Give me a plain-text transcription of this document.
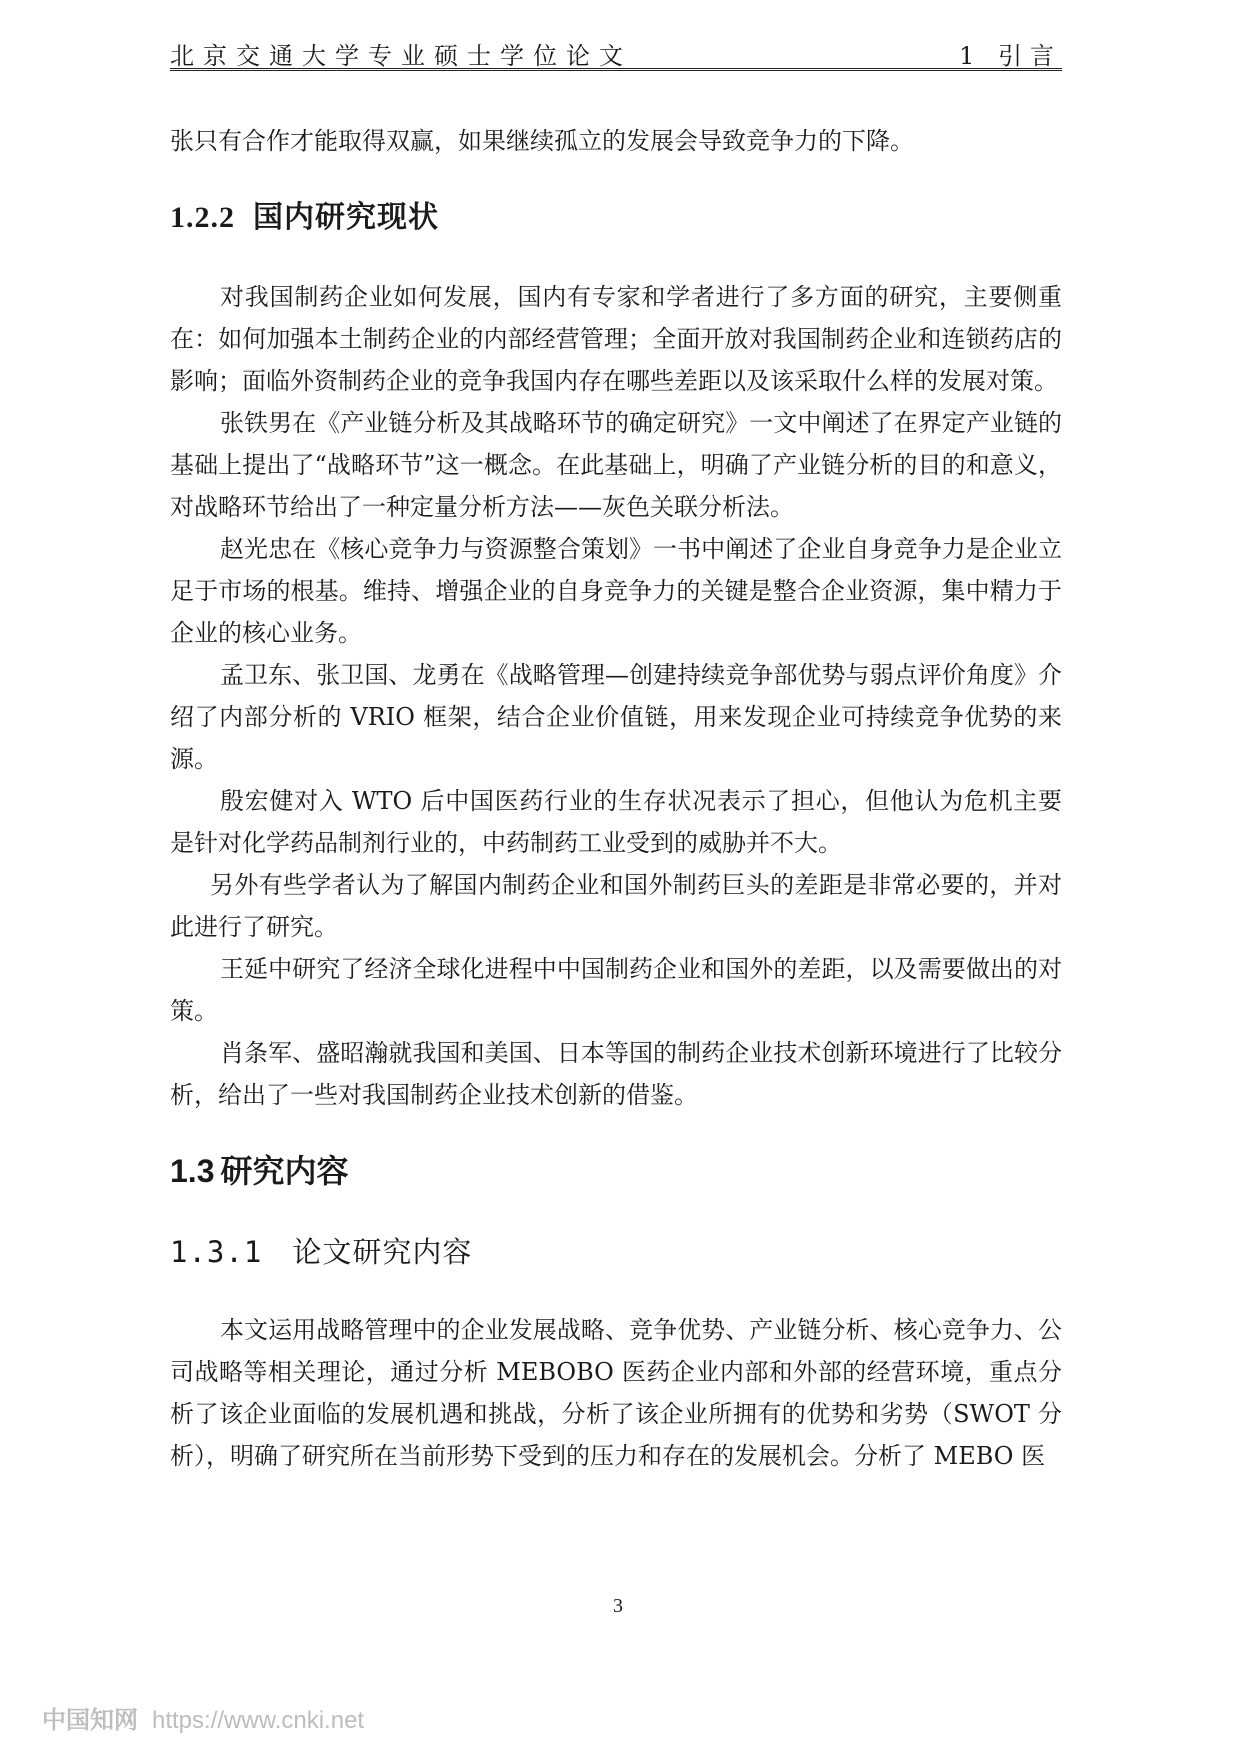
北京交通大学专业硕士学位论文	1 引言

张只有合作才能取得双赢，如果继续孤立的发展会导致竞争力的下降。

1.2.2 国内研究现状

对我国制药企业如何发展，国内有专家和学者进行了多方面的研究，主要侧重在：如何加强本土制药企业的内部经营管理；全面开放对我国制药企业和连锁药店的影响；面临外资制药企业的竞争我国内存在哪些差距以及该采取什么样的发展对策。

张铁男在《产业链分析及其战略环节的确定研究》一文中阐述了在界定产业链的基础上提出了“战略环节”这一概念。在此基础上，明确了产业链分析的目的和意义，对战略环节给出了一种定量分析方法——灰色关联分析法。

赵光忠在《核心竞争力与资源整合策划》一书中阐述了企业自身竞争力是企业立足于市场的根基。维持、增强企业的自身竞争力的关键是整合企业资源，集中精力于企业的核心业务。

孟卫东、张卫国、龙勇在《战略管理—创建持续竞争部优势与弱点评价角度》介绍了内部分析的 VRIO 框架，结合企业价值链，用来发现企业可持续竞争优势的来源。

殷宏健对入 WTO 后中国医药行业的生存状况表示了担心，但他认为危机主要是针对化学药品制剂行业的，中药制药工业受到的威胁并不大。

另外有些学者认为了解国内制药企业和国外制药巨头的差距是非常必要的，并对此进行了研究。

王延中研究了经济全球化进程中中国制药企业和国外的差距，以及需要做出的对策。

肖条军、盛昭瀚就我国和美国、日本等国的制药企业技术创新环境进行了比较分析，给出了一些对我国制药企业技术创新的借鉴。

1.3 研究内容
1.3.1 论文研究内容

本文运用战略管理中的企业发展战略、竞争优势、产业链分析、核心竞争力、公司战略等相关理论，通过分析 MEBOBO 医药企业内部和外部的经营环境，重点分析了该企业面临的发展机遇和挑战，分析了该企业所拥有的优势和劣势（SWOT 分析），明确了研究所在当前形势下受到的压力和存在的发展机会。分析了 MEBO 医

3
中国知网 https://www.cnki.net
